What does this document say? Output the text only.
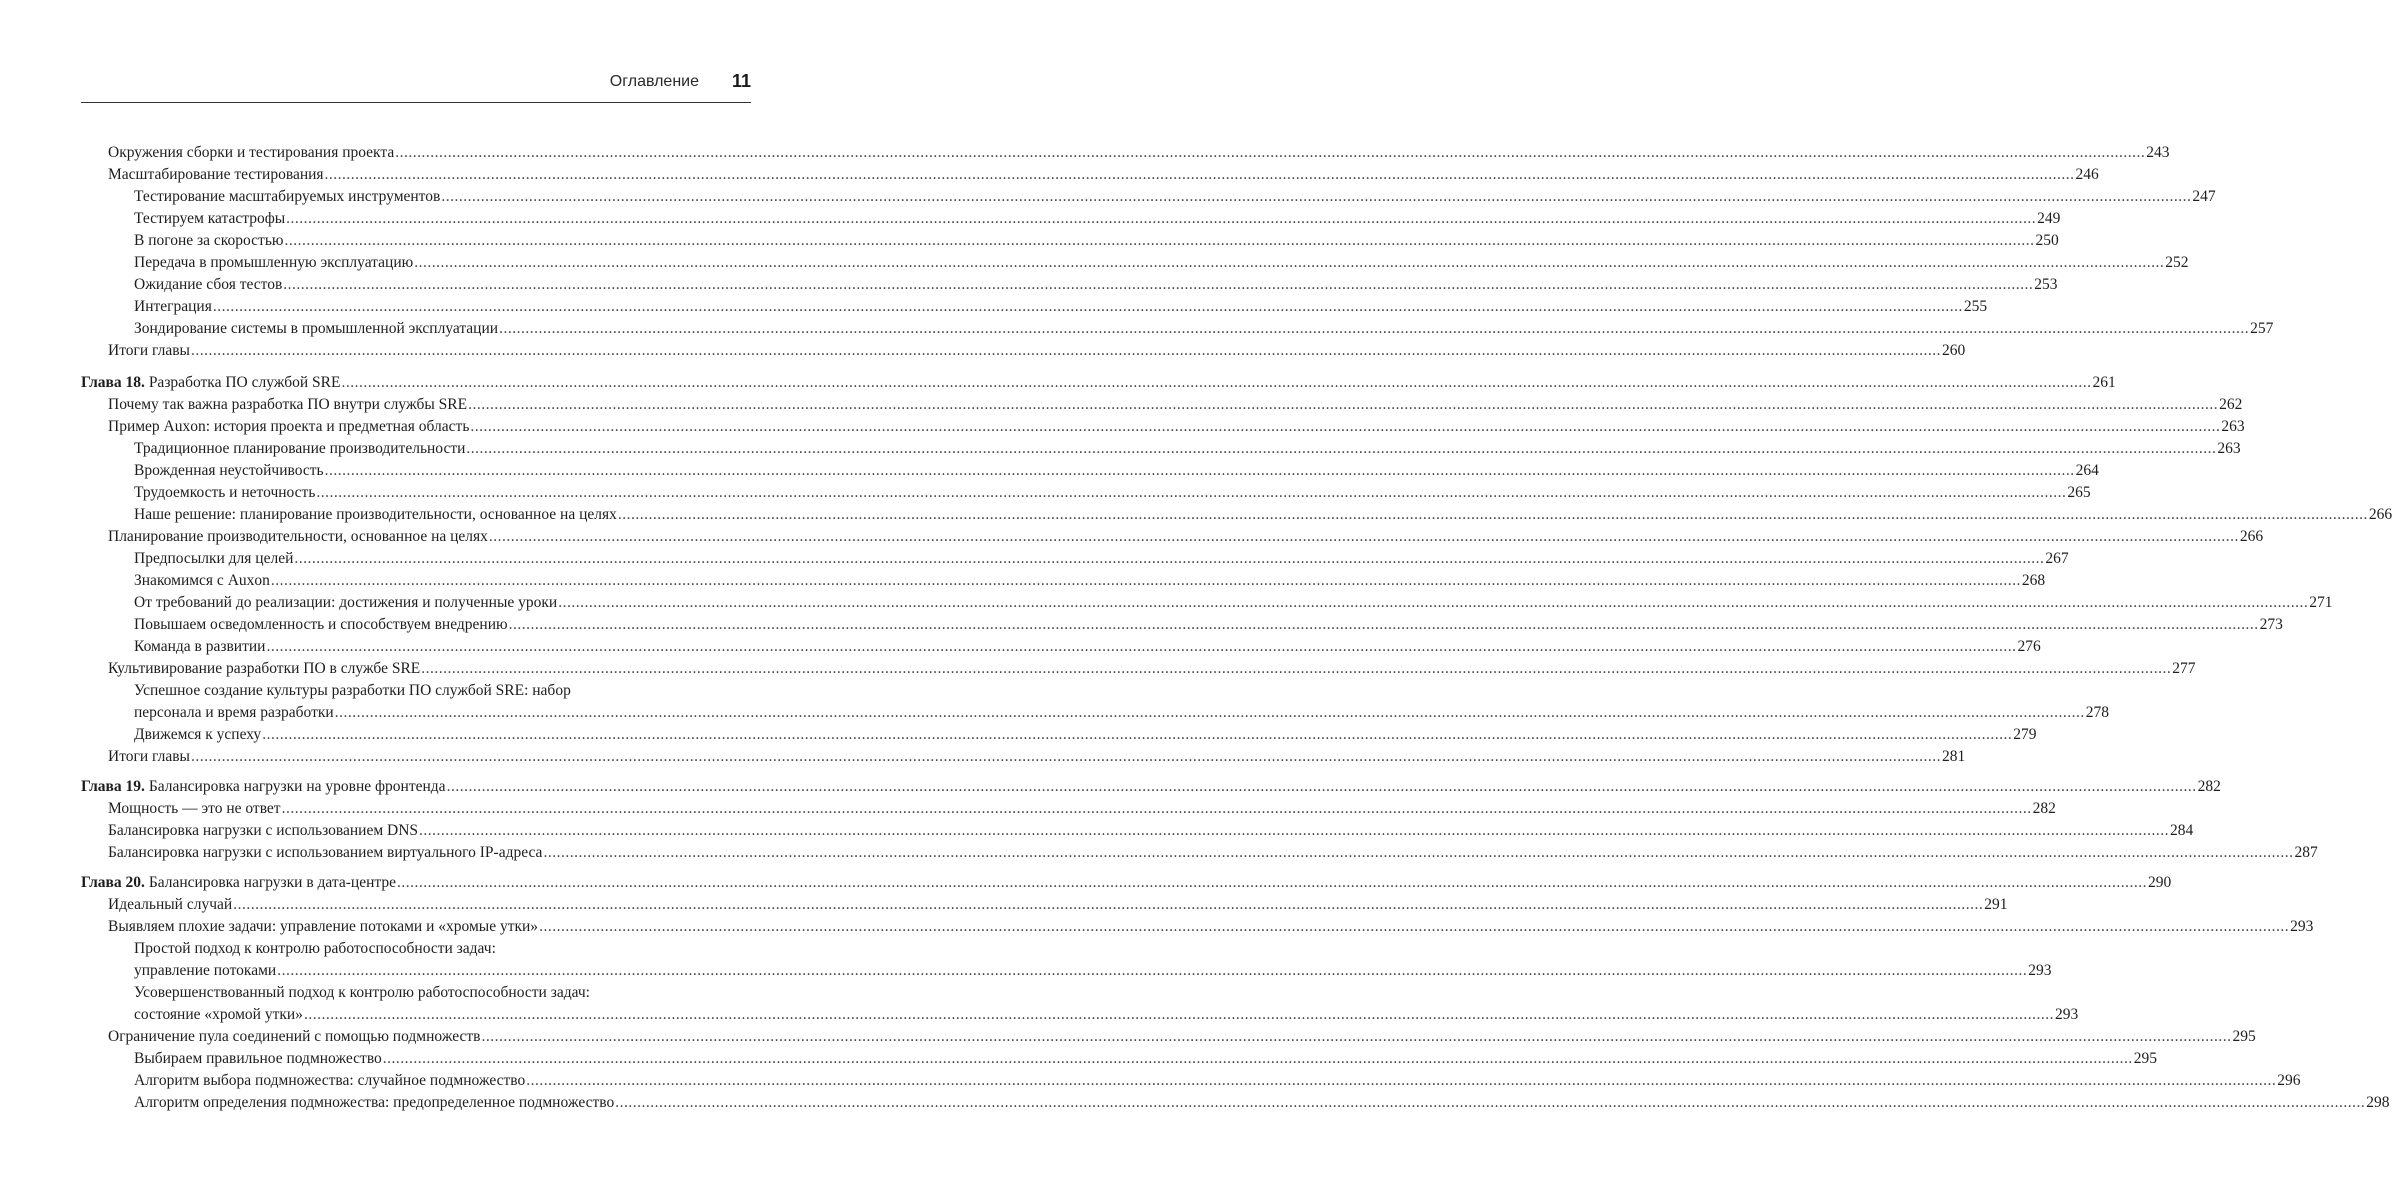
Оглавление 11
Окружения сборки и тестирования проекта ................................................................................................................................................................................................................................................................................................................................................................................................................ 243
Масштабирование тестирования ................................................................................................................................................................................................................................................................................................................................................................................................................ 246
Тестирование масштабируемых инструментов ................................................................................................................................................................................................................................................................................................................................................................................................................ 247
Тестируем катастрофы ................................................................................................................................................................................................................................................................................................................................................................................................................ 249
В погоне за скоростью ................................................................................................................................................................................................................................................................................................................................................................................................................ 250
Передача в промышленную эксплуатацию ................................................................................................................................................................................................................................................................................................................................................................................................................ 252
Ожидание сбоя тестов ................................................................................................................................................................................................................................................................................................................................................................................................................ 253
Интеграция ................................................................................................................................................................................................................................................................................................................................................................................................................ 255
Зондирование системы в промышленной эксплуатации ................................................................................................................................................................................................................................................................................................................................................................................................................ 257
Итоги главы ................................................................................................................................................................................................................................................................................................................................................................................................................ 260
Глава 18. Разработка ПО службой SRE ................................................................................................................................................................................................................................................................................................................................................................................................................ 261
Почему так важна разработка ПО внутри службы SRE ................................................................................................................................................................................................................................................................................................................................................................................................................ 262
Пример Auxon: история проекта и предметная область ................................................................................................................................................................................................................................................................................................................................................................................................................ 263
Традиционное планирование производительности ................................................................................................................................................................................................................................................................................................................................................................................................................ 263
Врожденная неустойчивость ................................................................................................................................................................................................................................................................................................................................................................................................................ 264
Трудоемкость и неточность ................................................................................................................................................................................................................................................................................................................................................................................................................ 265
Наше решение: планирование производительности, основанное на целях ................................................................................................................................................................................................................................................................................................................................................................................................................ 266
Планирование производительности, основанное на целях ................................................................................................................................................................................................................................................................................................................................................................................................................ 266
Предпосылки для целей ................................................................................................................................................................................................................................................................................................................................................................................................................ 267
Знакомимся с Auxon ................................................................................................................................................................................................................................................................................................................................................................................................................ 268
От требований до реализации: достижения и полученные уроки ................................................................................................................................................................................................................................................................................................................................................................................................................ 271
Повышаем осведомленность и способствуем внедрению ................................................................................................................................................................................................................................................................................................................................................................................................................ 273
Команда в развитии ................................................................................................................................................................................................................................................................................................................................................................................................................ 276
Культивирование разработки ПО в службе SRE ................................................................................................................................................................................................................................................................................................................................................................................................................ 277
Успешное создание культуры разработки ПО службой SRE: набор
персонала и время разработки ................................................................................................................................................................................................................................................................................................................................................................................................................ 278
Движемся к успеху ................................................................................................................................................................................................................................................................................................................................................................................................................ 279
Итоги главы ................................................................................................................................................................................................................................................................................................................................................................................................................ 281
Глава 19. Балансировка нагрузки на уровне фронтенда ................................................................................................................................................................................................................................................................................................................................................................................................................ 282
Мощность — это не ответ ................................................................................................................................................................................................................................................................................................................................................................................................................ 282
Балансировка нагрузки с использованием DNS ................................................................................................................................................................................................................................................................................................................................................................................................................ 284
Балансировка нагрузки с использованием виртуального IP-адреса ................................................................................................................................................................................................................................................................................................................................................................................................................ 287
Глава 20. Балансировка нагрузки в дата-центре ................................................................................................................................................................................................................................................................................................................................................................................................................ 290
Идеальный случай ................................................................................................................................................................................................................................................................................................................................................................................................................ 291
Выявляем плохие задачи: управление потоками и «хромые утки» ................................................................................................................................................................................................................................................................................................................................................................................................................ 293
Простой подход к контролю работоспособности задач:
управление потоками ................................................................................................................................................................................................................................................................................................................................................................................................................ 293
Усовершенствованный подход к контролю работоспособности задач:
состояние «хромой утки» ................................................................................................................................................................................................................................................................................................................................................................................................................ 293
Ограничение пула соединений с помощью подмножеств ................................................................................................................................................................................................................................................................................................................................................................................................................ 295
Выбираем правильное подмножество ................................................................................................................................................................................................................................................................................................................................................................................................................ 295
Алгоритм выбора подмножества: случайное подмножество ................................................................................................................................................................................................................................................................................................................................................................................................................ 296
Алгоритм определения подмножества: предопределенное подмножество ................................................................................................................................................................................................................................................................................................................................................................................................................ 298
